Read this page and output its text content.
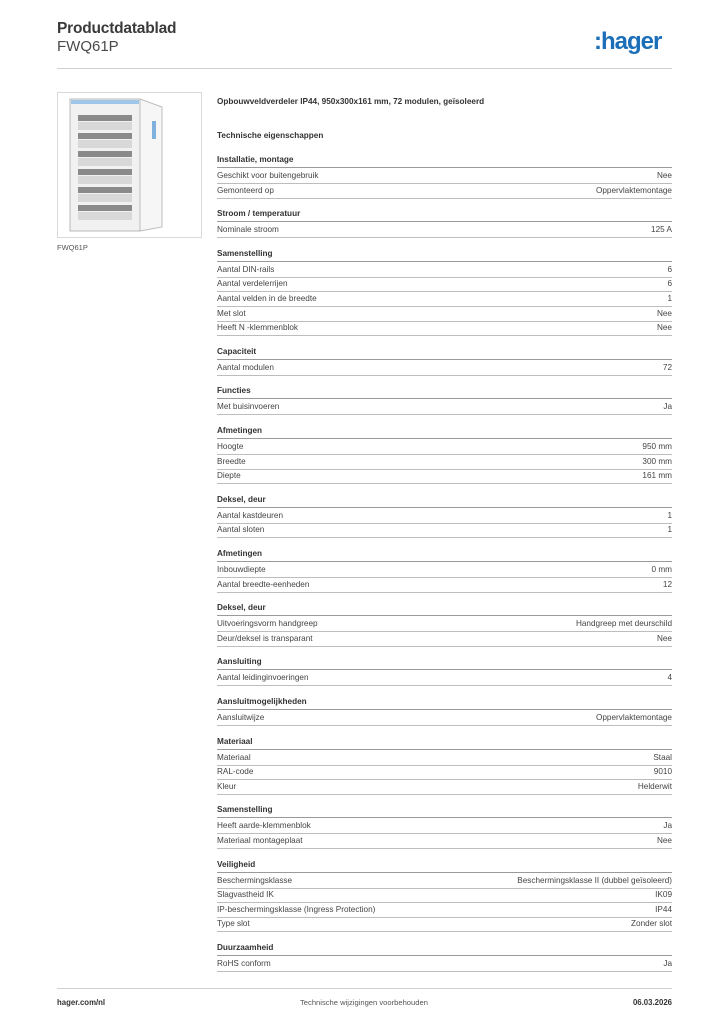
Productdatablad
FWQ61P	:hager
FWQ61P
Opbouwveldverdeler IP44, 950x300x161 mm, 72 modulen, geïsoleerd
Technische eigenschappen
Installatie, montage
Geschikt voor buitengebruik	Nee
Gemonteerd op	Oppervlaktemontage
Stroom / temperatuur
Nominale stroom	125 A
Samenstelling
Aantal DIN-rails	6
Aantal verdelerrijen	6
Aantal velden in de breedte	1
Met slot	Nee
Heeft N -klemmenblok	Nee
Capaciteit
Aantal modulen	72
Functies
Met buisinvoeren	Ja
Afmetingen
Hoogte	950 mm
Breedte	300 mm
Diepte	161 mm
Deksel, deur
Aantal kastdeuren	1
Aantal sloten	1
Afmetingen
Inbouwdiepte	0 mm
Aantal breedte-eenheden	12
Deksel, deur
Uitvoeringsvorm handgreep	Handgreep met deurschild
Deur/deksel is transparant	Nee
Aansluiting
Aantal leidinginvoeringen	4
Aansluitmogelijkheden
Aansluitwijze	Oppervlaktemontage
Materiaal
Materiaal	Staal
RAL-code	9010
Kleur	Helderwit
Samenstelling
Heeft aarde-klemmenblok	Ja
Materiaal montageplaat	Nee
Veiligheid
Beschermingsklasse	Beschermingsklasse II (dubbel geïsoleerd)
Slagvastheid IK	IK09
IP-beschermingsklasse (Ingress Protection)	IP44
Type slot	Zonder slot
Duurzaamheid
RoHS conform	Ja
hager.com/nl	Technische wijzigingen voorbehouden	06.03.2026
